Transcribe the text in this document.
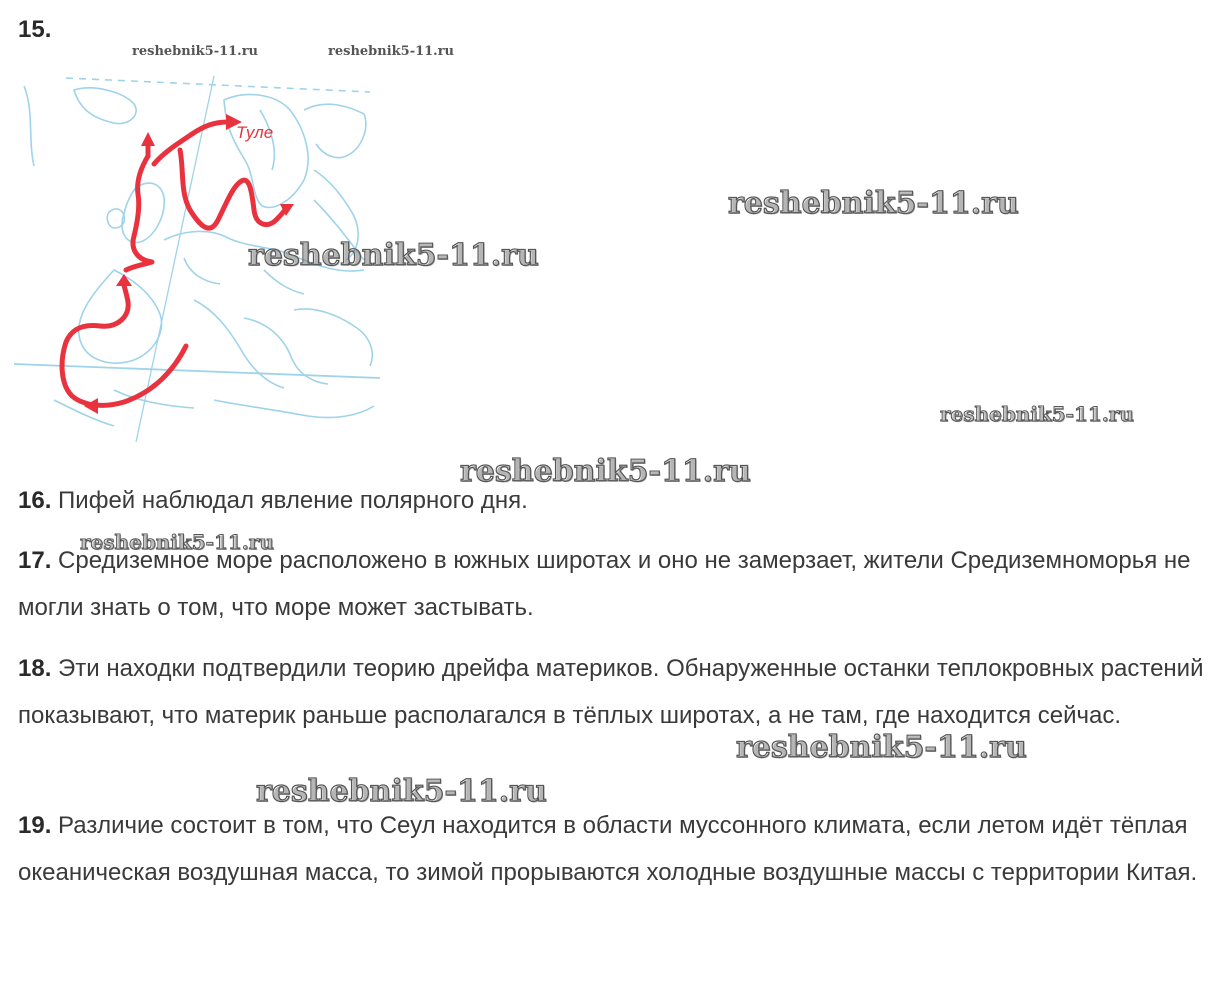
15.
reshebnik5-11.ru	reshebnik5-11.ru
Туле
reshebnik5-11.ru
reshebnik5-11.ru
reshebnik5-11.ru
reshebnik5-11.ru
16. Пифей наблюдал явление полярного дня.
reshebnik5-11.ru
17. Средиземное море расположено в южных широтах и оно не замерзает, жители Средиземноморья не могли знать о том, что море может застывать.
18. Эти находки подтвердили теорию дрейфа материков. Обнаруженные останки теплокровных растений показывают, что материк раньше располагался в тёплых широтах, а не там, где находится сейчас.
reshebnik5-11.ru
reshebnik5-11.ru
19. Различие состоит в том, что Сеул находится в области муссонного климата, если летом идёт тёплая океаническая воздушная масса, то зимой прорываются холодные воздушные массы с территории Китая.
